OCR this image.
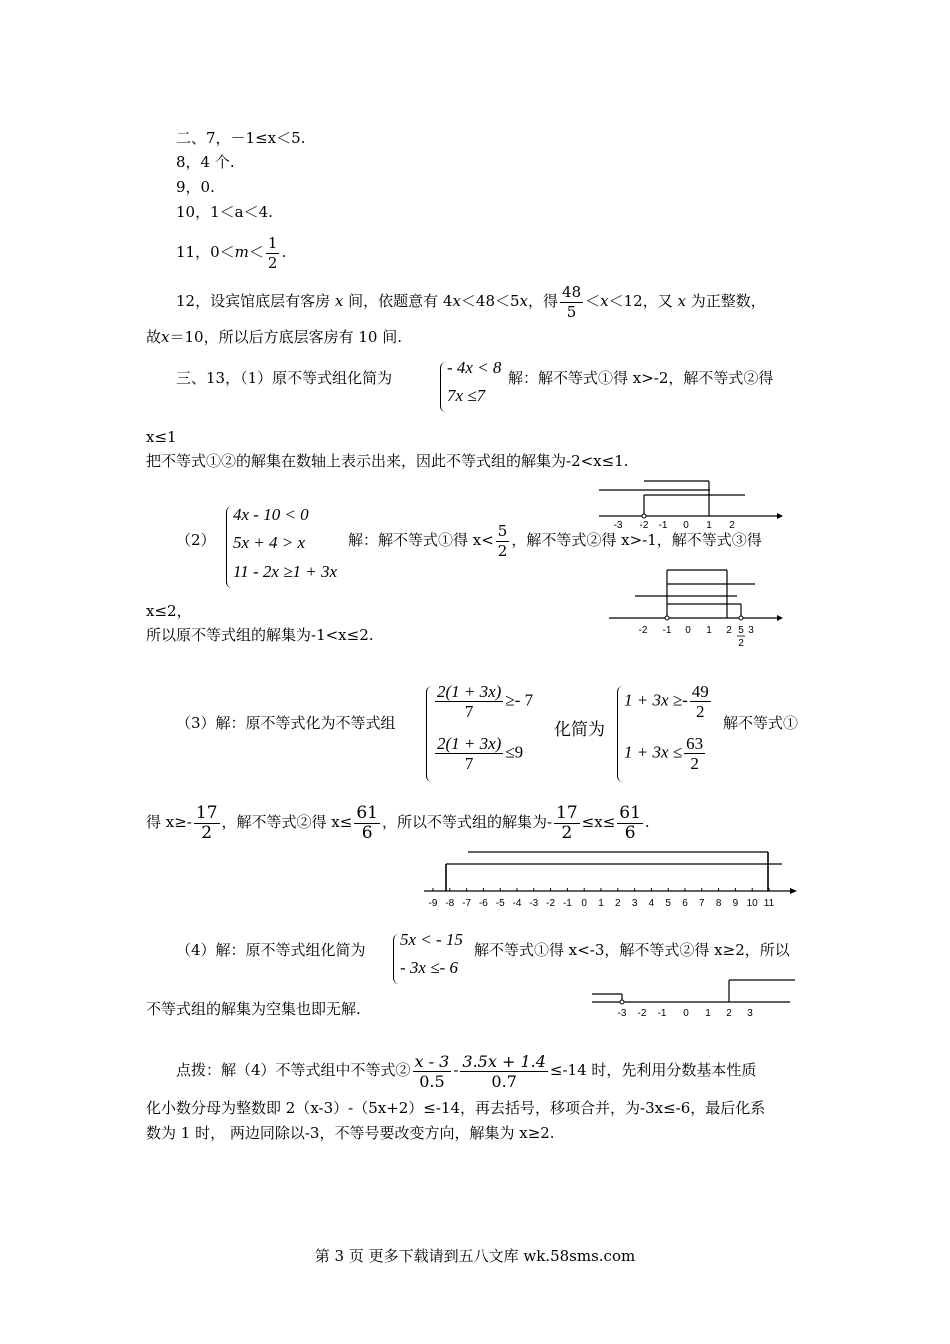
二、7，－1≤x＜5.
8，4 个.
9，0.
10，1＜a＜4.
11，$0<m< \frac{1}{2}$ .
12，设宾馆底层有客房 x 间，依题意有 4x＜48＜5x，得 $\frac{48}{5} <x<12$，又 x 为正整数，
故x＝10，所以后方底层客房有 10 间.
三、13，（1）原不等式组化简为
- 4x < 8
7x ≤7
解：解不等式①得 x>-2，解不等式②得
x≤1
把不等式①②的解集在数轴上表示出来，因此不等式组的解集为-2<x≤1.
-3 -2 -1 0 1 2
（2）
4x - 10 < 0
5x + 4 > x
11 - 2x ≥1 + 3x
解：解不等式①得 $x< \frac{5}{2}$ ，解不等式②得 x>-1，解不等式③得
x≤2，
所以原不等式组的解集为-1<x≤2.	-2 -1 0 1 2 3
5
2
（3）解：原不等式化为不等式组
$\frac{2(1 + 3x)}{7} \ge- 7$
$\frac{2(1 + 3x)}{7} \le 9$
化简为
$1 + 3x \ge- \frac{49}{2}$
$1 + 3x \le \frac{63}{2}$
解不等式①
得 $x\ge- \frac{17}{2}$ ，解不等式②得 $x\le \frac{61}{6}$ ，所以不等式组的解集为- $\frac{17}{2} \le x\le \frac{61}{6}$ .
-9 -8 -7 -6 -5 -4 -3 -2 -1 0 1 2 3 4 5 6 7 8 9 10 11
（4）解：原不等式组化简为
5x < - 15
- 3x ≤- 6
解不等式①得 x<-3，解不等式②得 x≥2，所以
不等式组的解集为空集也即无解.	-3 -2 -1 0 1 2 3
点拨：解（4）不等式组中不等式② $\frac{x - 3}{0.5} - \frac{3.5x + 1.4}{0.7} \le-14$ 时，先利用分数基本性质
化小数分母为整数即 2（x-3）-（5x+2）≤-14，再去括号，移项合并，为-3x≤-6，最后化系
数为 1 时， 两边同除以-3，不等号要改变方向，解集为 x≥2.
第 3 页 更多下载请到五八文库 wk.58sms.com
